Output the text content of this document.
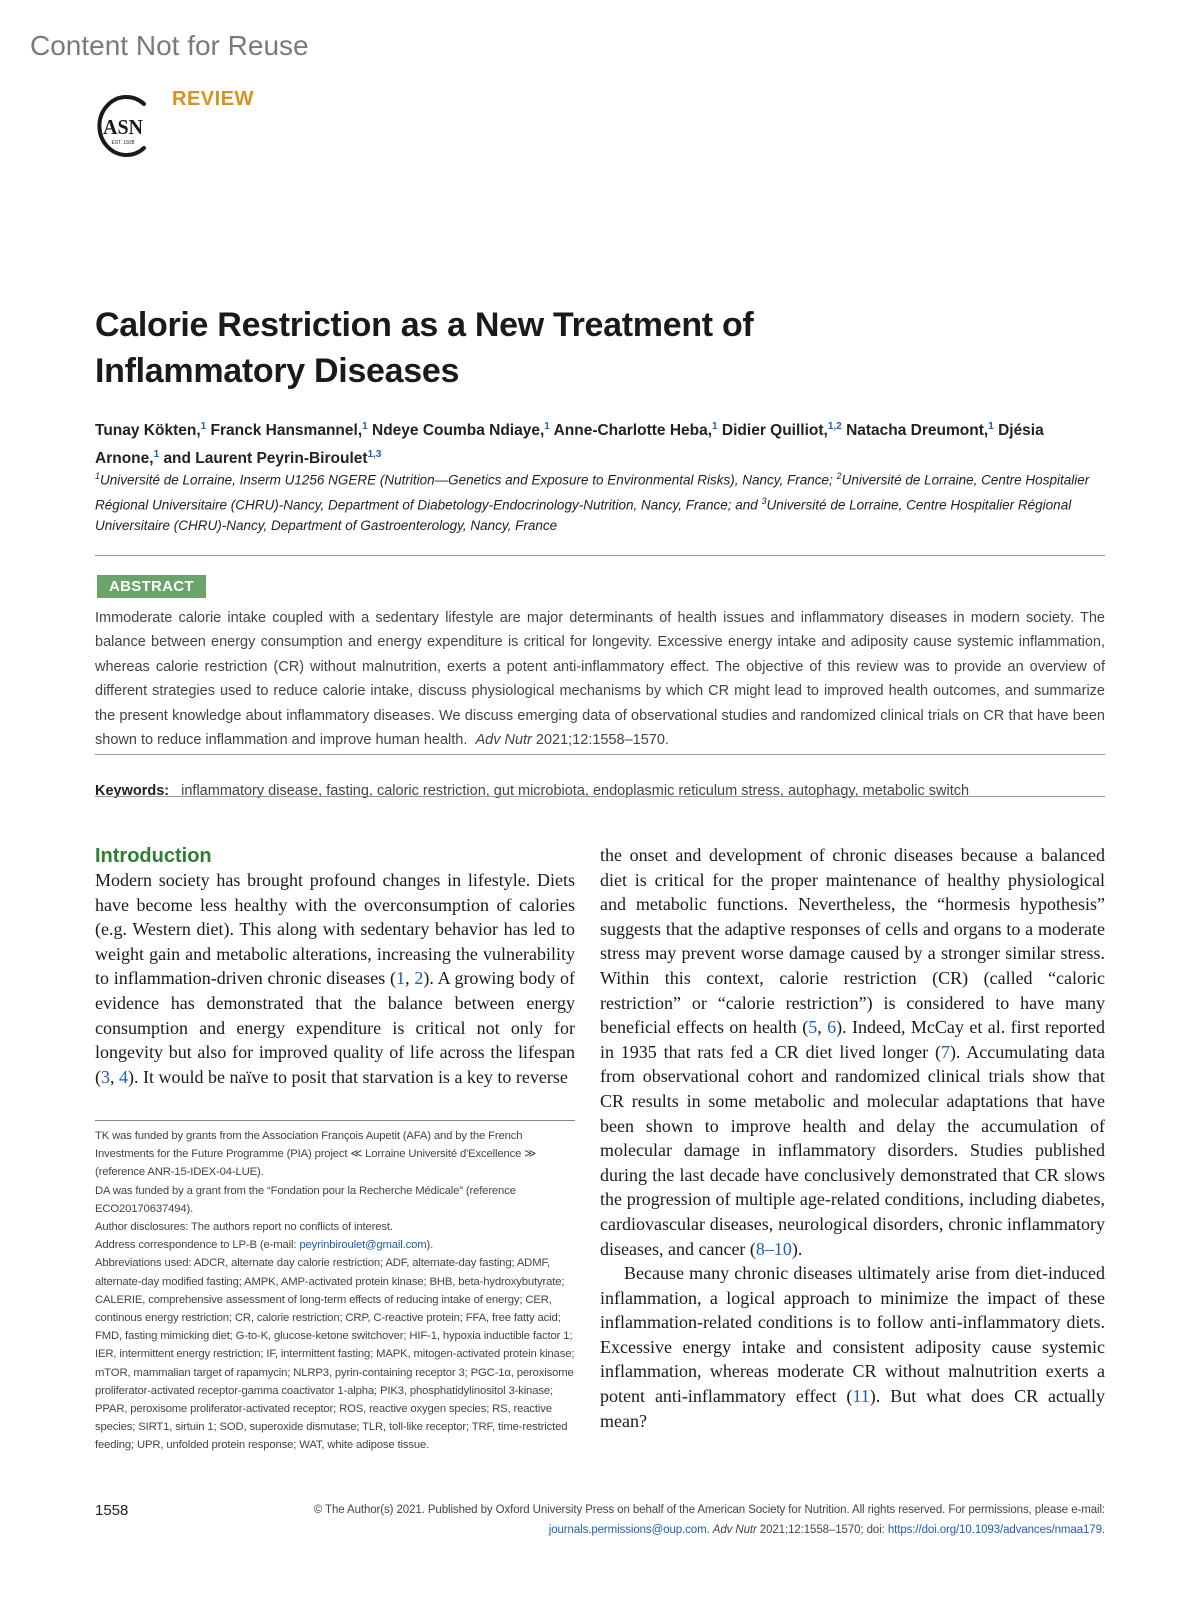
Content Not for Reuse
ASN
EST. 1928
REVIEW
Calorie Restriction as a New Treatment of
Inflammatory Diseases
Tunay Kökten,$^1$ Franck Hansmannel,$^1$ Ndeye Coumba Ndiaye,$^1$ Anne-Charlotte Heba,$^1$ Didier Quilliot,$^{1,2}$ Natacha Dreumont,$^1$ Djésia Arnone,$^1$ and Laurent Peyrin-Biroulet$^{1,3}$
$^1$Université de Lorraine, Inserm U1256 NGERE (Nutrition—Genetics and Exposure to Environmental Risks), Nancy, France; $^2$Université de Lorraine, Centre Hospitalier Régional Universitaire (CHRU)-Nancy, Department of Diabetology-Endocrinology-Nutrition, Nancy, France; and $^3$Université de Lorraine, Centre Hospitalier Régional Universitaire (CHRU)-Nancy, Department of Gastroenterology, Nancy, France
ABSTRACT
Immoderate calorie intake coupled with a sedentary lifestyle are major determinants of health issues and inflammatory diseases in modern society. The balance between energy consumption and energy expenditure is critical for longevity. Excessive energy intake and adiposity cause systemic inflammation, whereas calorie restriction (CR) without malnutrition, exerts a potent anti-inflammatory effect. The objective of this review was to provide an overview of different strategies used to reduce calorie intake, discuss physiological mechanisms by which CR might lead to improved health outcomes, and summarize the present knowledge about inflammatory diseases. We discuss emerging data of observational studies and randomized clinical trials on CR that have been shown to reduce inflammation and improve human health. Adv Nutr 2021;12:1558–1570.
Keywords: inflammatory disease, fasting, caloric restriction, gut microbiota, endoplasmic reticulum stress, autophagy, metabolic switch
Introduction

Modern society has brought profound changes in lifestyle. Diets have become less healthy with the overconsumption of calories (e.g. Western diet). This along with sedentary behavior has led to weight gain and metabolic alterations, increasing the vulnerability to inflammation-driven chronic diseases (1, 2). A growing body of evidence has demonstrated that the balance between energy consumption and energy expenditure is critical not only for longevity but also for improved quality of life across the lifespan (3, 4). It would be naïve to posit that starvation is a key to reverse

the onset and development of chronic diseases because a balanced diet is critical for the proper maintenance of healthy physiological and metabolic functions. Nevertheless, the “hormesis hypothesis” suggests that the adaptive responses of cells and organs to a moderate stress may prevent worse damage caused by a stronger similar stress. Within this context, calorie restriction (CR) (called “caloric restriction” or “calorie restriction”) is considered to have many beneficial effects on health (5, 6). Indeed, McCay et al. first reported in 1935 that rats fed a CR diet lived longer (7). Accumulating data from observational cohort and randomized clinical trials show that CR results in some metabolic and molecular adaptations that have been shown to improve health and delay the accumulation of molecular damage in inflammatory disorders. Studies published during the last decade have conclusively demonstrated that CR slows the progression of multiple age-related conditions, including diabetes, cardiovascular diseases, neurological disorders, chronic inflammatory diseases, and cancer (8–10).

Because many chronic diseases ultimately arise from diet-induced inflammation, a logical approach to minimize the impact of these inflammation-related conditions is to follow anti-inflammatory diets. Excessive energy intake and consistent adiposity cause systemic inflammation, whereas moderate CR without malnutrition exerts a potent anti-inflammatory effect (11). But what does CR actually mean?

TK was funded by grants from the Association François Aupetit (AFA) and by the French Investments for the Future Programme (PIA) project ≪ Lorraine Université d'Excellence ≫ (reference ANR-15-IDEX-04-LUE).

DA was funded by a grant from the “Fondation pour la Recherche Médicale” (reference ECO20170637494).

Author disclosures: The authors report no conflicts of interest.

Address correspondence to LP-B (e-mail: peyrinbiroulet@gmail.com).

Abbreviations used: ADCR, alternate day calorie restriction; ADF, alternate-day fasting; ADMF, alternate-day modified fasting; AMPK, AMP-activated protein kinase; BHB, beta-hydroxybutyrate; CALERIE, comprehensive assessment of long-term effects of reducing intake of energy; CER, continous energy restriction; CR, calorie restriction; CRP, C-reactive protein; FFA, free fatty acid; FMD, fasting mimicking diet; G-to-K, glucose-ketone switchover; HIF-1, hypoxia inductible factor 1; IER, intermittent energy restriction; IF, intermittent fasting; MAPK, mitogen-activated protein kinase; mTOR, mammalian target of rapamycin; NLRP3, pyrin-containing receptor 3; PGC-1α, peroxisome proliferator-activated receptor-gamma coactivator 1-alpha; PIK3, phosphatidylinositol 3-kinase; PPAR, peroxisome proliferator-activated receptor; ROS, reactive oxygen species; RS, reactive species; SIRT1, sirtuin 1; SOD, superoxide dismutase; TLR, toll-like receptor; TRF, time-restricted feeding; UPR, unfolded protein response; WAT, white adipose tissue.

1558	© The Author(s) 2021. Published by Oxford University Press on behalf of the American Society for Nutrition. All rights reserved. For permissions, please e-mail:
journals.permissions@oup.com. Adv Nutr 2021;12:1558–1570; doi: https://doi.org/10.1093/advances/nmaa179.
